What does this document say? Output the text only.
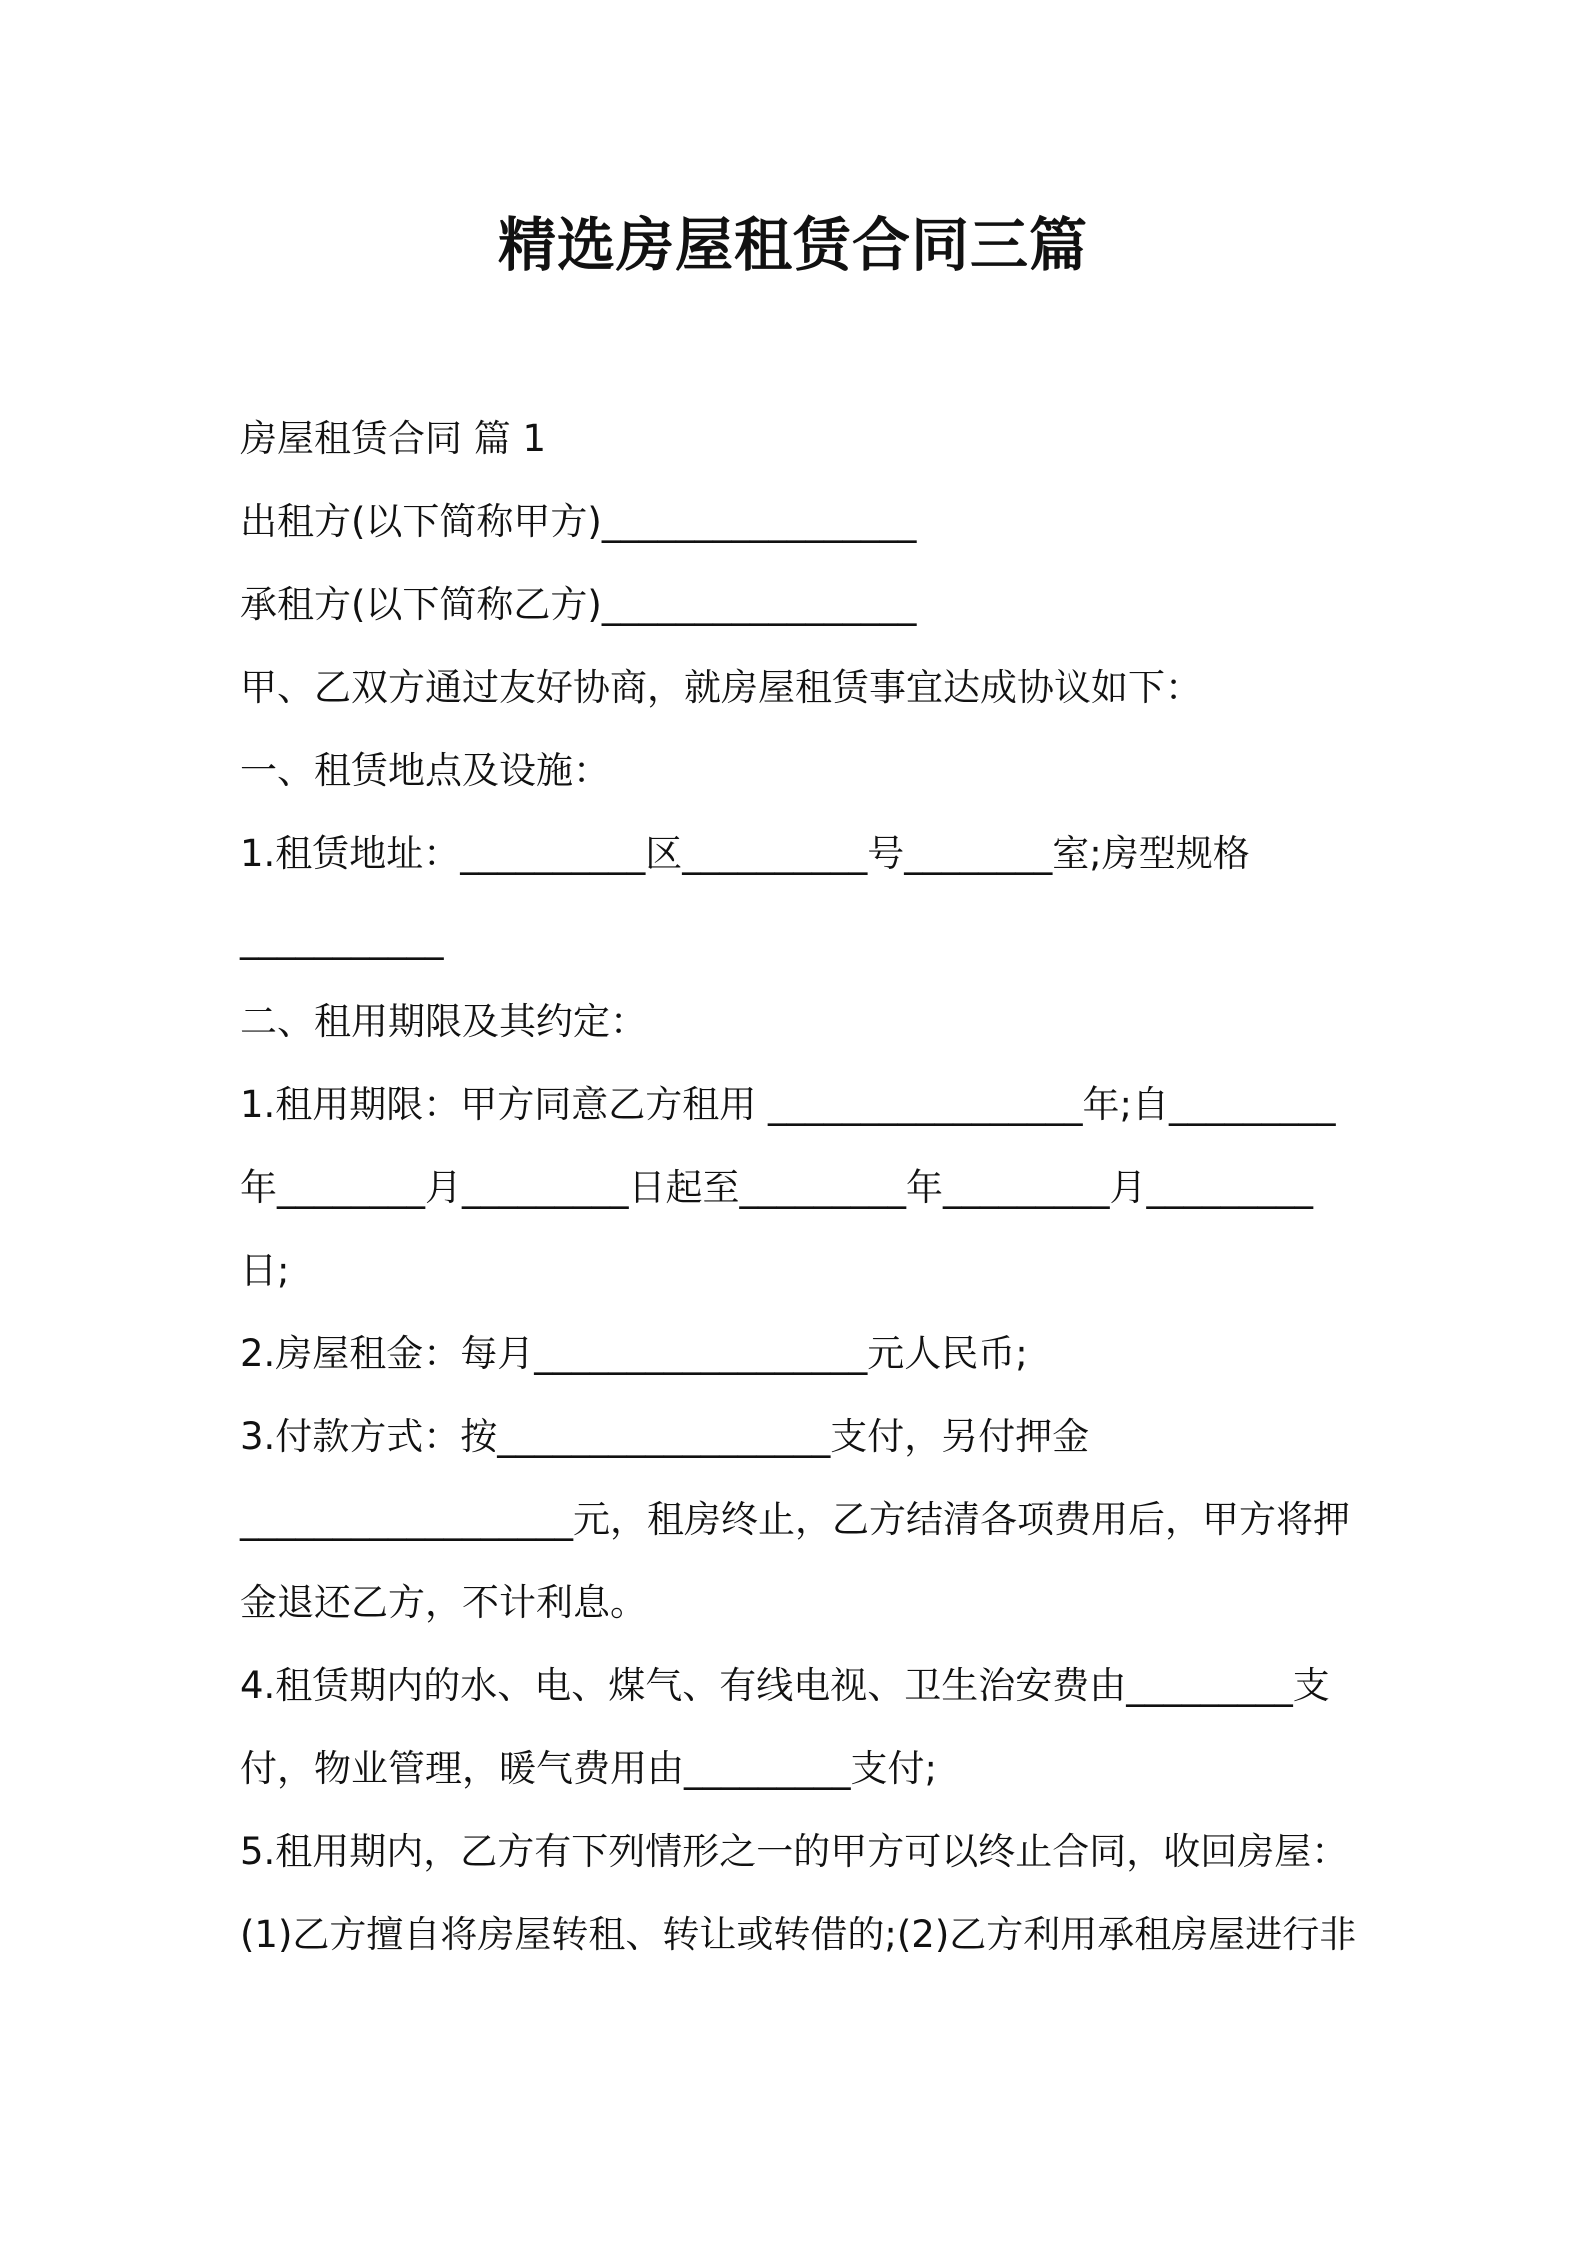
精选房屋租赁合同三篇
房屋租赁合同 篇 1
出租方(以下简称甲方)_________________
承租方(以下简称乙方)_________________
甲、乙双方通过友好协商，就房屋租赁事宜达成协议如下：
一、租赁地点及设施：
1.租赁地址：__________区__________号________室;房型规格
___________
二、租用期限及其约定：
1.租用期限：甲方同意乙方租用 _________________年;自_________
年________月_________日起至_________年_________月_________
日;
2.房屋租金：每月__________________元人民币;
3.付款方式：按__________________支付，另付押金
__________________元，租房终止，乙方结清各项费用后，甲方将押
金退还乙方，不计利息。
4.租赁期内的水、电、煤气、有线电视、卫生治安费由_________支
付，物业管理，暖气费用由_________支付;
5.租用期内，乙方有下列情形之一的甲方可以终止合同，收回房屋：
(1)乙方擅自将房屋转租、转让或转借的;(2)乙方利用承租房屋进行非
